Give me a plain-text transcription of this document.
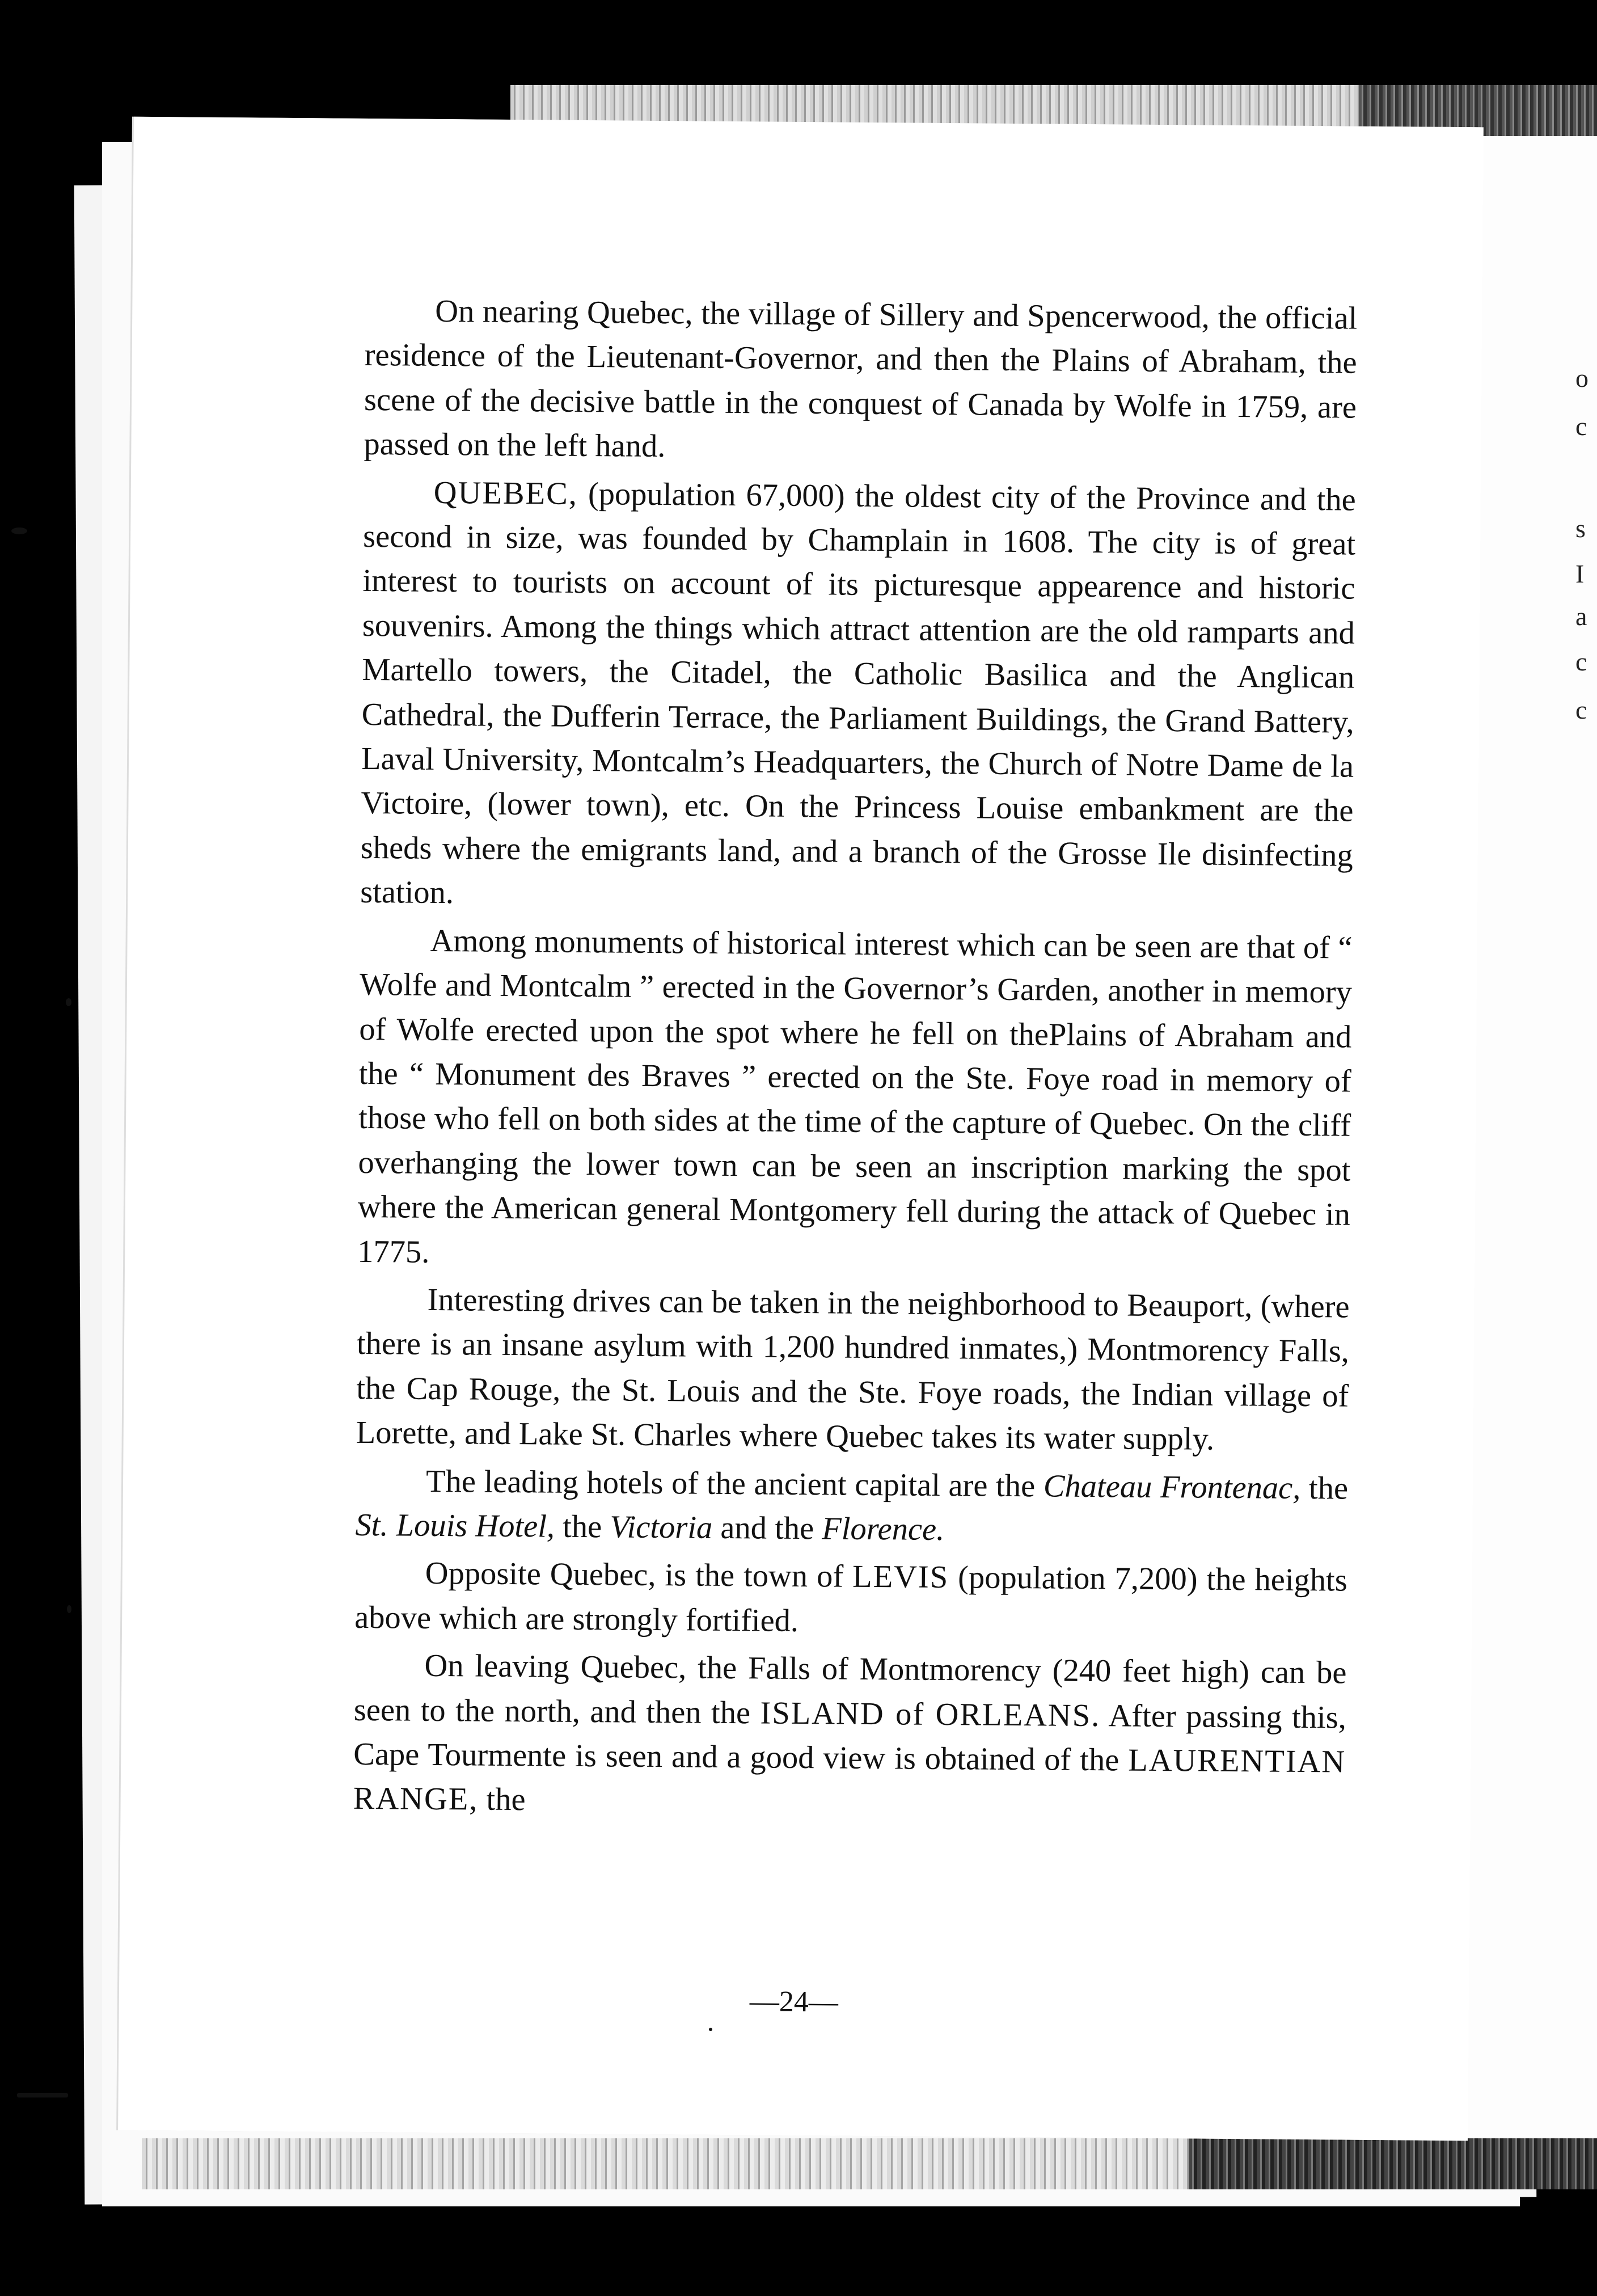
o
c
s
I
a
c
c

On nearing Quebec, the village of Sillery and Spencerwood, the official residence of the Lieutenant-Governor, and then the Plains of Abraham, the scene of the decisive battle in the conquest of Canada by Wolfe in 1759, are passed on the left hand.

QUEBEC, (population 67,000) the oldest city of the Province and the second in size, was founded by Champlain in 1608. The city is of great interest to tourists on account of its picturesque appearence and historic souvenirs. Among the things which attract attention are the old ramparts and Martello towers, the Citadel, the Catholic Basilica and the Anglican Cathedral, the Dufferin Terrace, the Parliament Buildings, the Grand Battery, Laval University, Montcalm’s Headquarters, the Church of Notre Dame de la Victoire, (lower town), etc. On the Princess Louise embankment are the sheds where the emigrants land, and a branch of the Grosse Ile disinfecting station.

Among monuments of historical interest which can be seen are that of “ Wolfe and Montcalm ” erected in the Governor’s Garden, another in memory of Wolfe erected upon the spot where he fell on thePlains of Abraham and the “ Monument des Braves ” erected on the Ste. Foye road in memory of those who fell on both sides at the time of the capture of Quebec. On the cliff overhanging the lower town can be seen an inscription marking the spot where the American general Montgomery fell during the attack of Quebec in 1775.

Interesting drives can be taken in the neighborhood to Beauport, (where there is an insane asylum with 1,200 hundred inmates,) Montmorency Falls, the Cap Rouge, the St. Louis and the Ste. Foye roads, the Indian village of Lorette, and Lake St. Charles where Quebec takes its water supply.

The leading hotels of the ancient capital are the Chateau Frontenac, the St. Louis Hotel, the Victoria and the Florence.

Opposite Quebec, is the town of LEVIS (population 7,200) the heights above which are strongly fortified.

On leaving Quebec, the Falls of Montmorency (240 feet high) can be seen to the north, and then the ISLAND of ORLEANS. After passing this, Cape Tourmente is seen and a good view is obtained of the LAURENTIAN RANGE, the

—24—
